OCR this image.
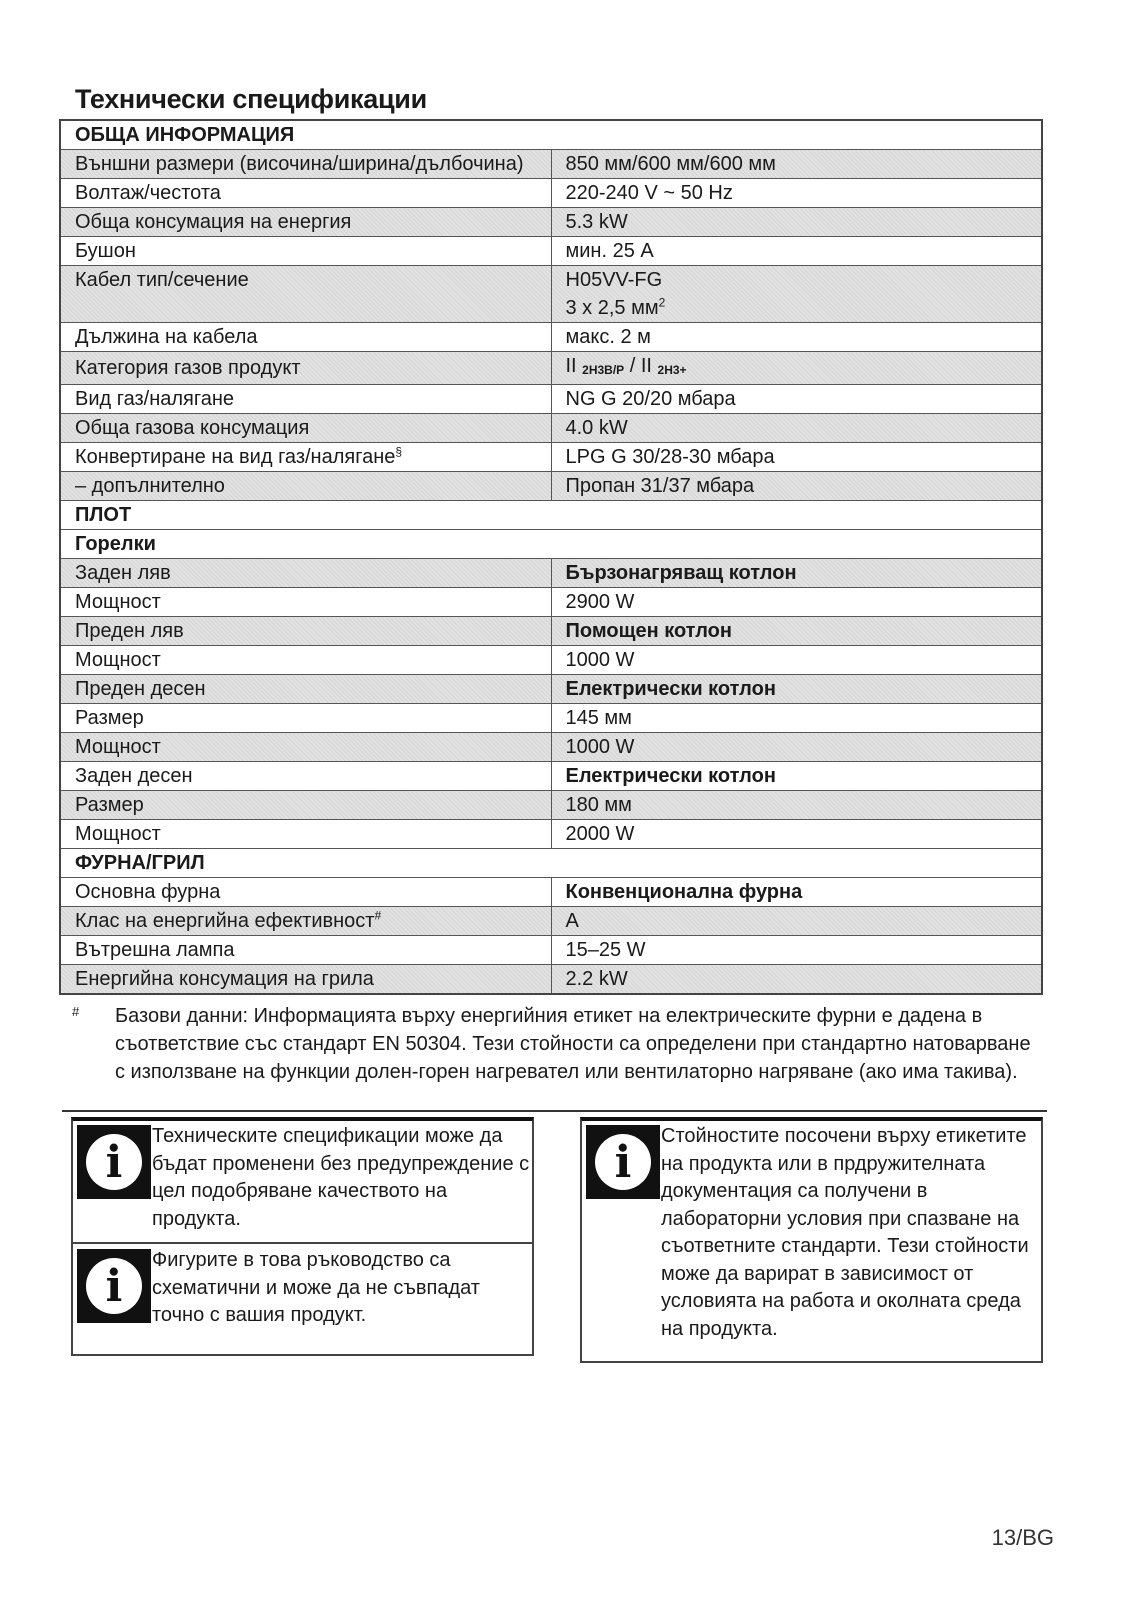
Технически спецификации
ОБЩА ИНФОРМАЦИЯ	
Външни размери (височина/ширина/дълбочина)	850 мм/600 мм/600 мм
Волтаж/честота	220-240 V ~ 50 Hz
Обща консумация на енергия	5.3 kW
Бушон	мин. 25 A
Кабел тип/сечение	H05VV-FG
3 x 2,5 $мм^2$
Дължина на кабела	макс. 2 м
Категория газов продукт	II 2H3B/P / II 2H3+
Вид газ/налягане	NG G 20/20 мбара
Обща газова консумация	4.0 kW
Конвертиране на вид газ/налягане§	LPG G 30/28-30 мбара
– допълнително	Пропан 31/37 мбара
ПЛОТ	
Горелки	
Заден ляв	Бързонагряващ котлон
Мощност	2900 W
Преден ляв	Помощен котлон
Мощност	1000 W
Преден десен	Електрически котлон
Размер	145 мм
Мощност	1000 W
Заден десен	Електрически котлон
Размер	180 мм
Мощност	2000 W
ФУРНА/ГРИЛ	
Основна фурна	Конвенционална фурна
Клас на енергийна ефективност#	A
Вътрешна лампа	15–25 W
Енергийна консумация на грила	2.2 kW
# Базови данни: Информацията върху енергийния етикет на електрическите фурни е дадена в съответствие със стандарт EN 50304. Тези стойности са определени при стандартно натоварване с използване на функции долен-горен нагревател или вентилаторно нагряване (ако има такива).
i
Техническите спецификации може да бъдат променени без предупреждение с цел подобряване качеството на продукта.
i
Фигурите в това ръководство са схематични и може да не съвпадат точно с вашия продукт.
i
Стойностите посочени върху етикетите на продукта или в прдружителната документация са получени в лабораторни условия при спазване на съответните стандарти. Тези стойности може да варират в зависимост от условията на работа и околната среда на продукта.
13/BG
